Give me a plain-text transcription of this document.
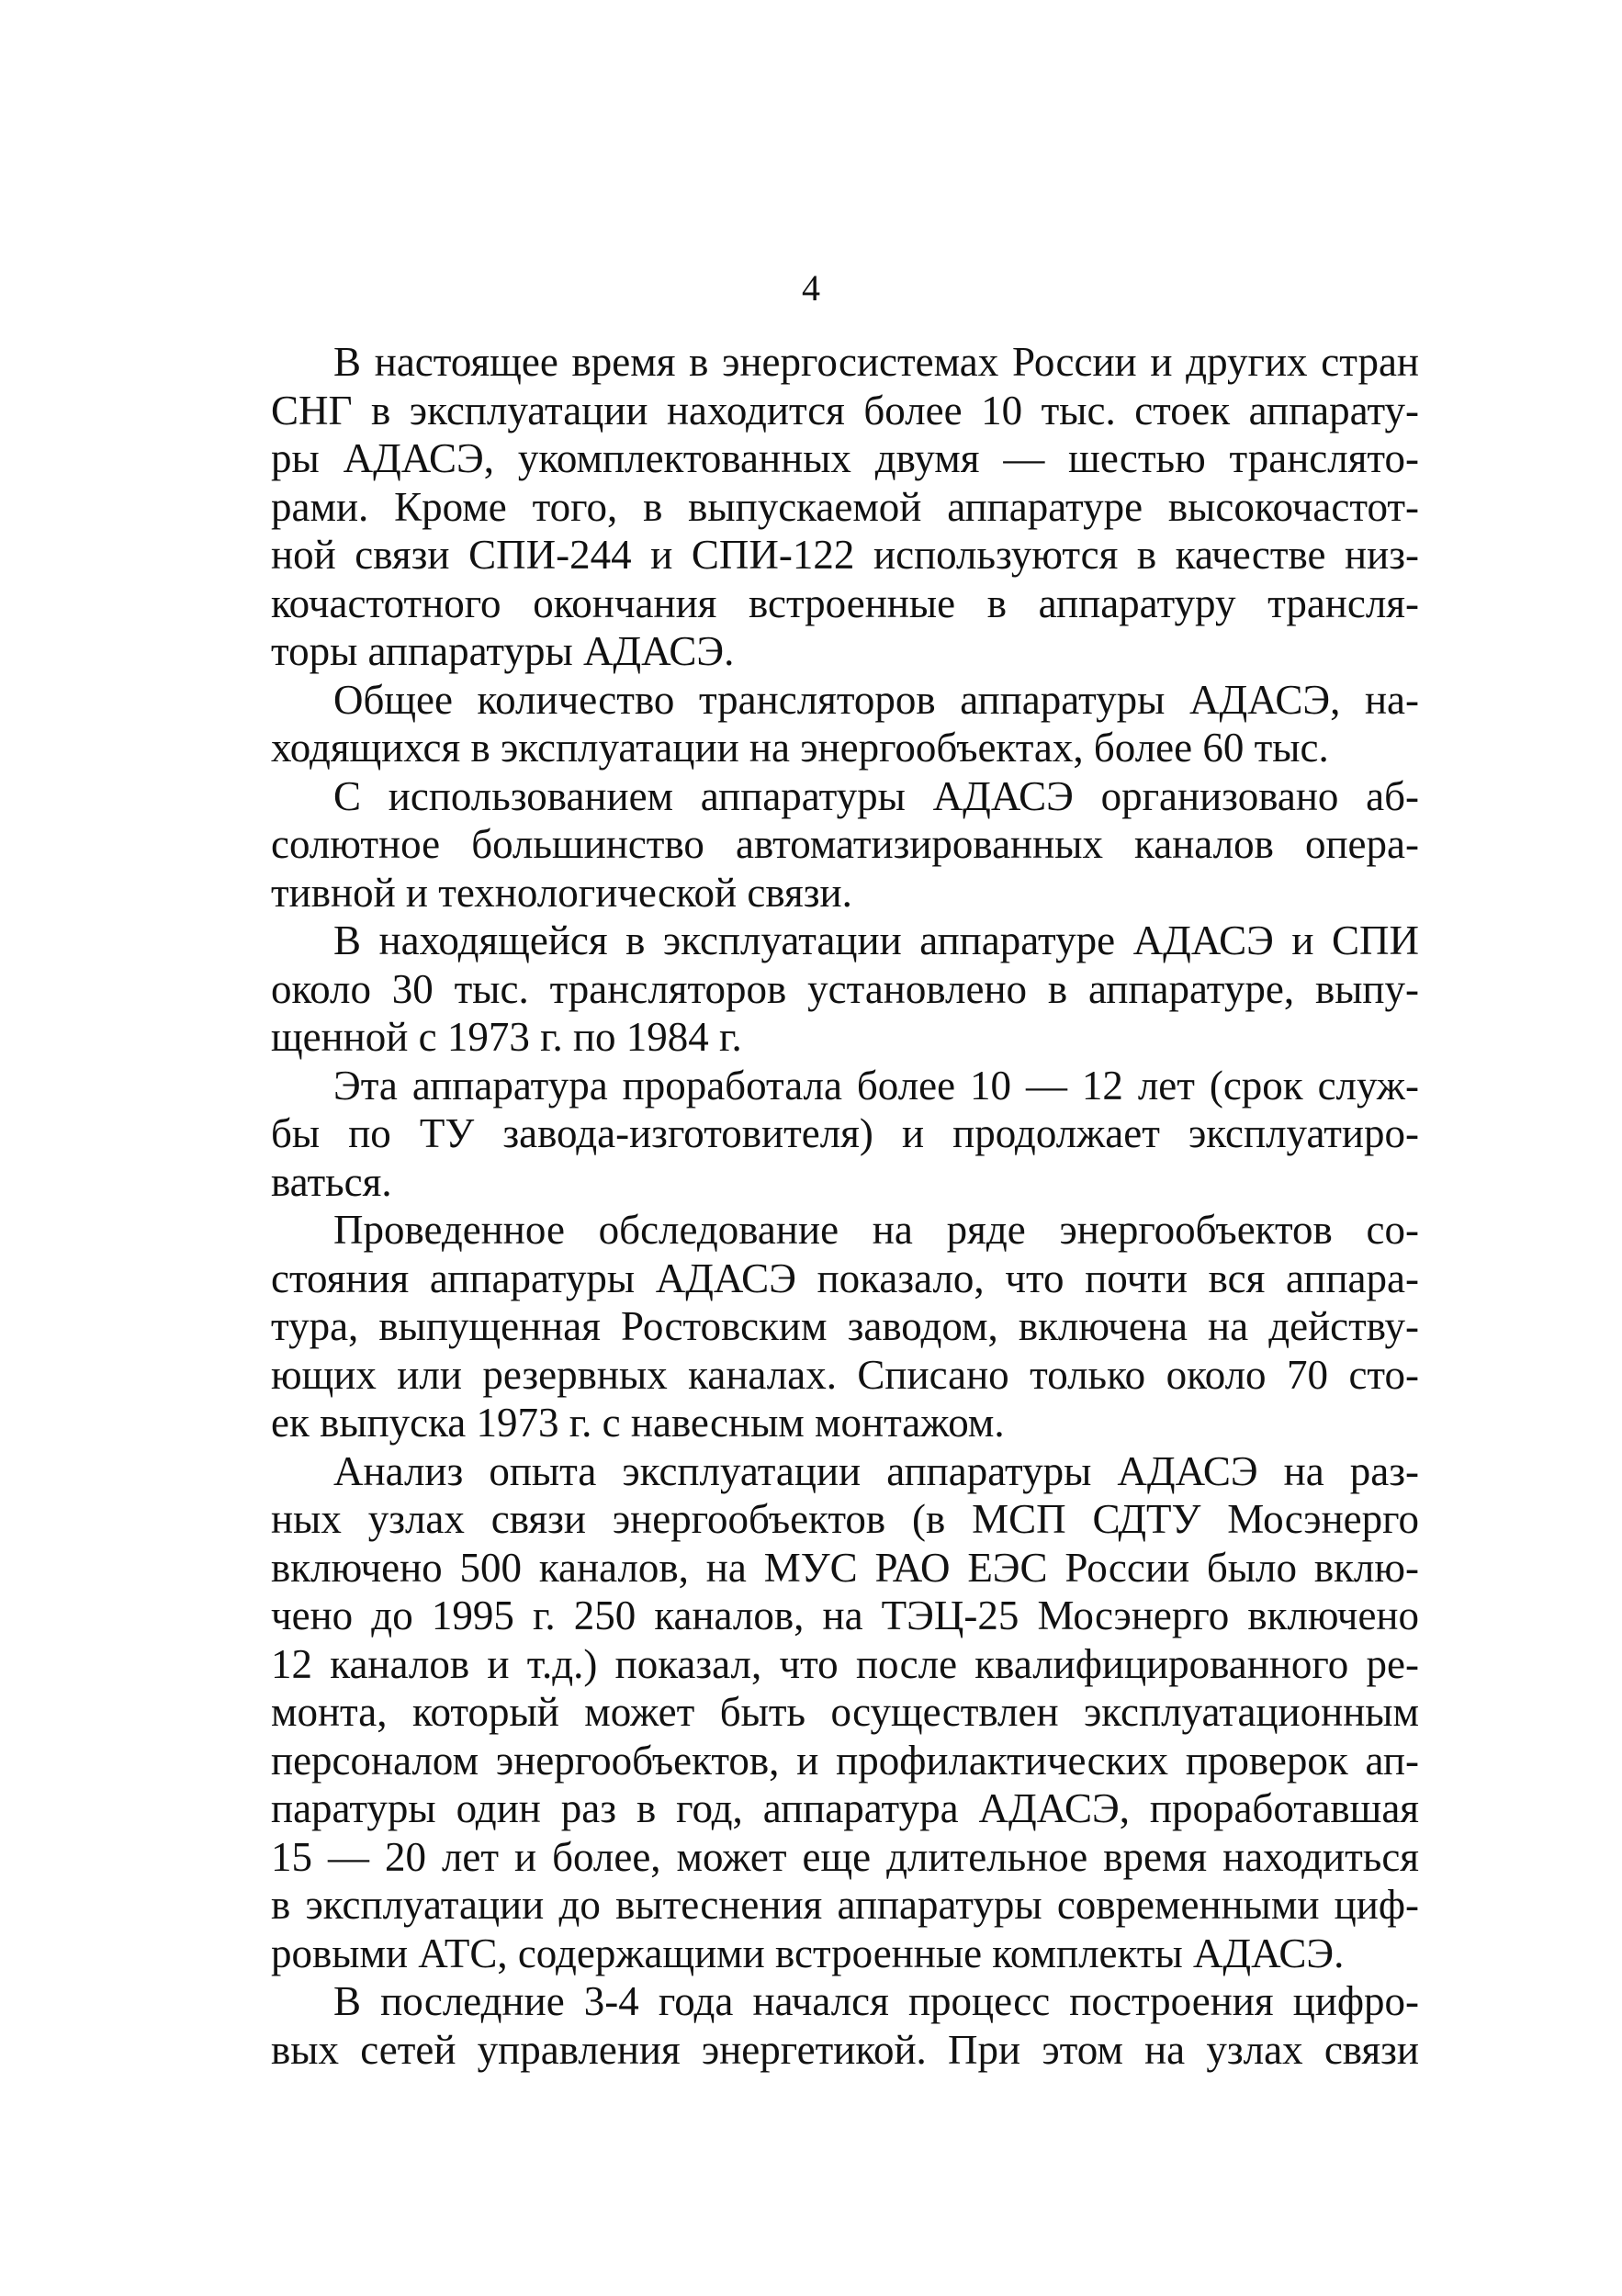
4
В настоящее время в энергосистемах России и других стран
СНГ в эксплуатации находится более 10 тыс. стоек аппарату-
ры АДАСЭ, укомплектованных двумя — шестью транслято-
рами. Кроме того, в выпускаемой аппаратуре высокочастот-
ной связи СПИ-244 и СПИ-122 используются в качестве низ-
кочастотного окончания встроенные в аппаратуру трансля-
торы аппаратуры АДАСЭ.
Общее количество трансляторов аппаратуры АДАСЭ, на-
ходящихся в эксплуатации на энергообъектах, более 60 тыс.
С использованием аппаратуры АДАСЭ организовано аб-
солютное большинство автоматизированных каналов опера-
тивной и технологической связи.
В находящейся в эксплуатации аппаратуре АДАСЭ и СПИ
около 30 тыс. трансляторов установлено в аппаратуре, выпу-
щенной с 1973 г. по 1984 г.
Эта аппаратура проработала более 10 — 12 лет (срок служ-
бы по ТУ завода-изготовителя) и продолжает эксплуатиро-
ваться.
Проведенное обследование на ряде энергообъектов со-
стояния аппаратуры АДАСЭ показало, что почти вся аппара-
тура, выпущенная Ростовским заводом, включена на действу-
ющих или резервных каналах. Списано только около 70 сто-
ек выпуска 1973 г. с навесным монтажом.
Анализ опыта эксплуатации аппаратуры АДАСЭ на раз-
ных узлах связи энергообъектов (в МСП СДТУ Мосэнерго
включено 500 каналов, на МУС РАО ЕЭС России было вклю-
чено до 1995 г. 250 каналов, на ТЭЦ-25 Мосэнерго включено
12 каналов и т.д.) показал, что после квалифицированного ре-
монта, который может быть осуществлен эксплуатационным
персоналом энергообъектов, и профилактических проверок ап-
паратуры один раз в год, аппаратура АДАСЭ, проработавшая
15 — 20 лет и более, может еще длительное время находиться
в эксплуатации до вытеснения аппаратуры современными циф-
ровыми АТС, содержащими встроенные комплекты АДАСЭ.
В последние 3-4 года начался процесс построения цифро-
вых сетей управления энергетикой. При этом на узлах связи
